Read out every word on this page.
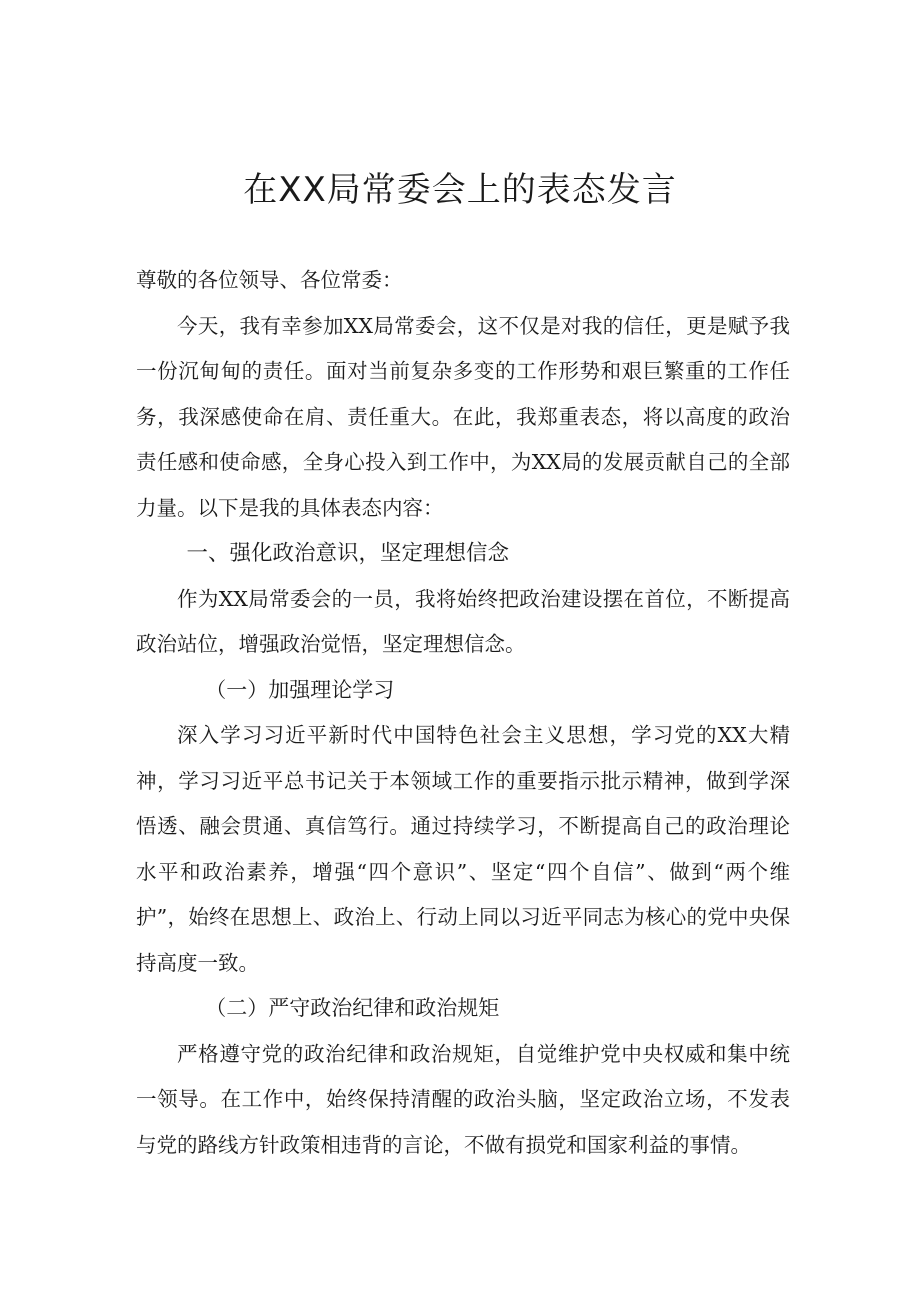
在XX局常委会上的表态发言

尊敬的各位领导、各位常委：

今天，我有幸参加XX局常委会，这不仅是对我的信任，更是赋予我一份沉甸甸的责任。面对当前复杂多变的工作形势和艰巨繁重的工作任务，我深感使命在肩、责任重大。在此，我郑重表态，将以高度的政治责任感和使命感，全身心投入到工作中，为XX局的发展贡献自己的全部力量。以下是我的具体表态内容：

一、强化政治意识，坚定理想信念

作为XX局常委会的一员，我将始终把政治建设摆在首位，不断提高政治站位，增强政治觉悟，坚定理想信念。

（一）加强理论学习

深入学习习近平新时代中国特色社会主义思想，学习党的XX大精神，学习习近平总书记关于本领域工作的重要指示批示精神，做到学深悟透、融会贯通、真信笃行。通过持续学习，不断提高自己的政治理论水平和政治素养，增强“四个意识”、坚定“四个自信”、做到“两个维护”，始终在思想上、政治上、行动上同以习近平同志为核心的党中央保持高度一致。

（二）严守政治纪律和政治规矩

严格遵守党的政治纪律和政治规矩，自觉维护党中央权威和集中统一领导。在工作中，始终保持清醒的政治头脑，坚定政治立场，不发表与党的路线方针政策相违背的言论，不做有损党和国家利益的事情。
